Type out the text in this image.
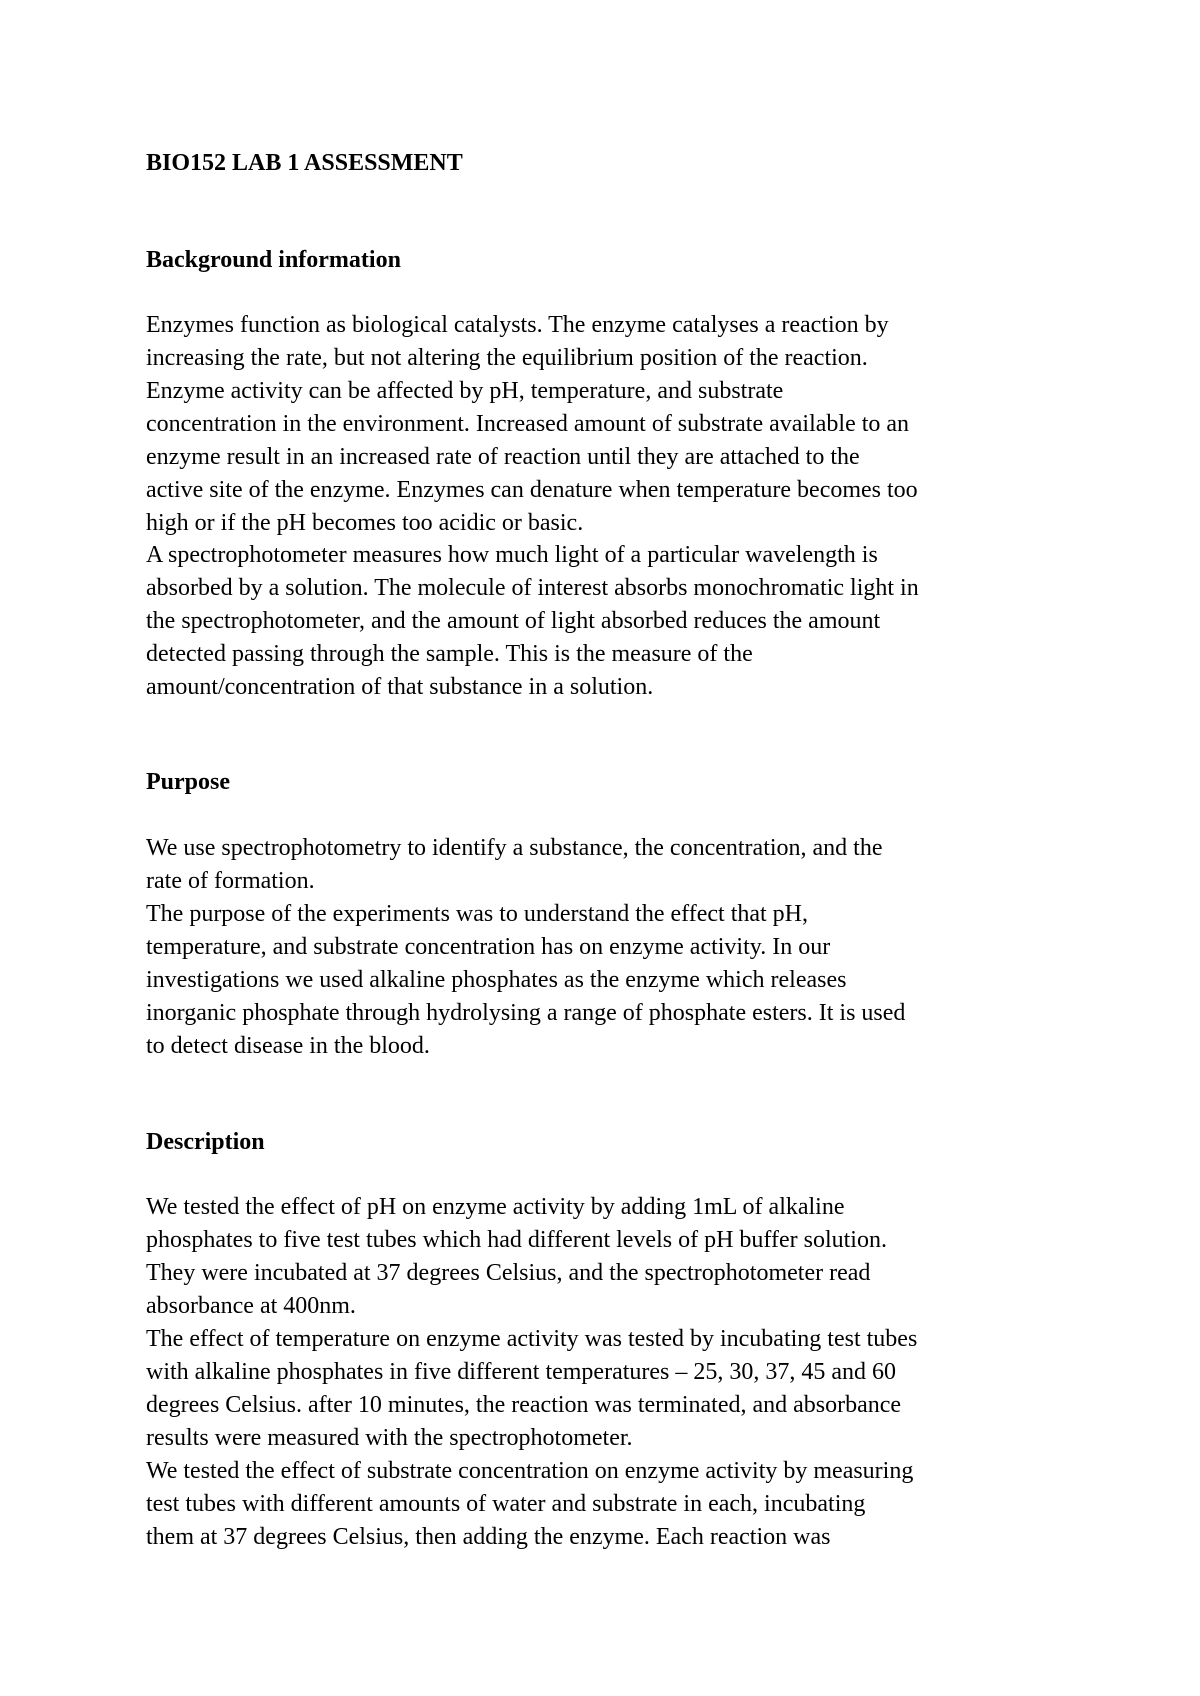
BIO152 LAB 1 ASSESSMENT
Background information

Enzymes function as biological catalysts. The enzyme catalyses a reaction by

increasing the rate, but not altering the equilibrium position of the reaction.

Enzyme activity can be affected by pH, temperature, and substrate

concentration in the environment. Increased amount of substrate available to an

enzyme result in an increased rate of reaction until they are attached to the

active site of the enzyme. Enzymes can denature when temperature becomes too

high or if the pH becomes too acidic or basic.

A spectrophotometer measures how much light of a particular wavelength is

absorbed by a solution. The molecule of interest absorbs monochromatic light in

the spectrophotometer, and the amount of light absorbed reduces the amount

detected passing through the sample. This is the measure of the

amount/concentration of that substance in a solution.

Purpose

We use spectrophotometry to identify a substance, the concentration, and the

rate of formation.

The purpose of the experiments was to understand the effect that pH,

temperature, and substrate concentration has on enzyme activity. In our

investigations we used alkaline phosphates as the enzyme which releases

inorganic phosphate through hydrolysing a range of phosphate esters. It is used

to detect disease in the blood.

Description

We tested the effect of pH on enzyme activity by adding 1mL of alkaline

phosphates to five test tubes which had different levels of pH buffer solution.

They were incubated at 37 degrees Celsius, and the spectrophotometer read

absorbance at 400nm.

The effect of temperature on enzyme activity was tested by incubating test tubes

with alkaline phosphates in five different temperatures – 25, 30, 37, 45 and 60

degrees Celsius. after 10 minutes, the reaction was terminated, and absorbance

results were measured with the spectrophotometer.

We tested the effect of substrate concentration on enzyme activity by measuring

test tubes with different amounts of water and substrate in each, incubating

them at 37 degrees Celsius, then adding the enzyme. Each reaction was
